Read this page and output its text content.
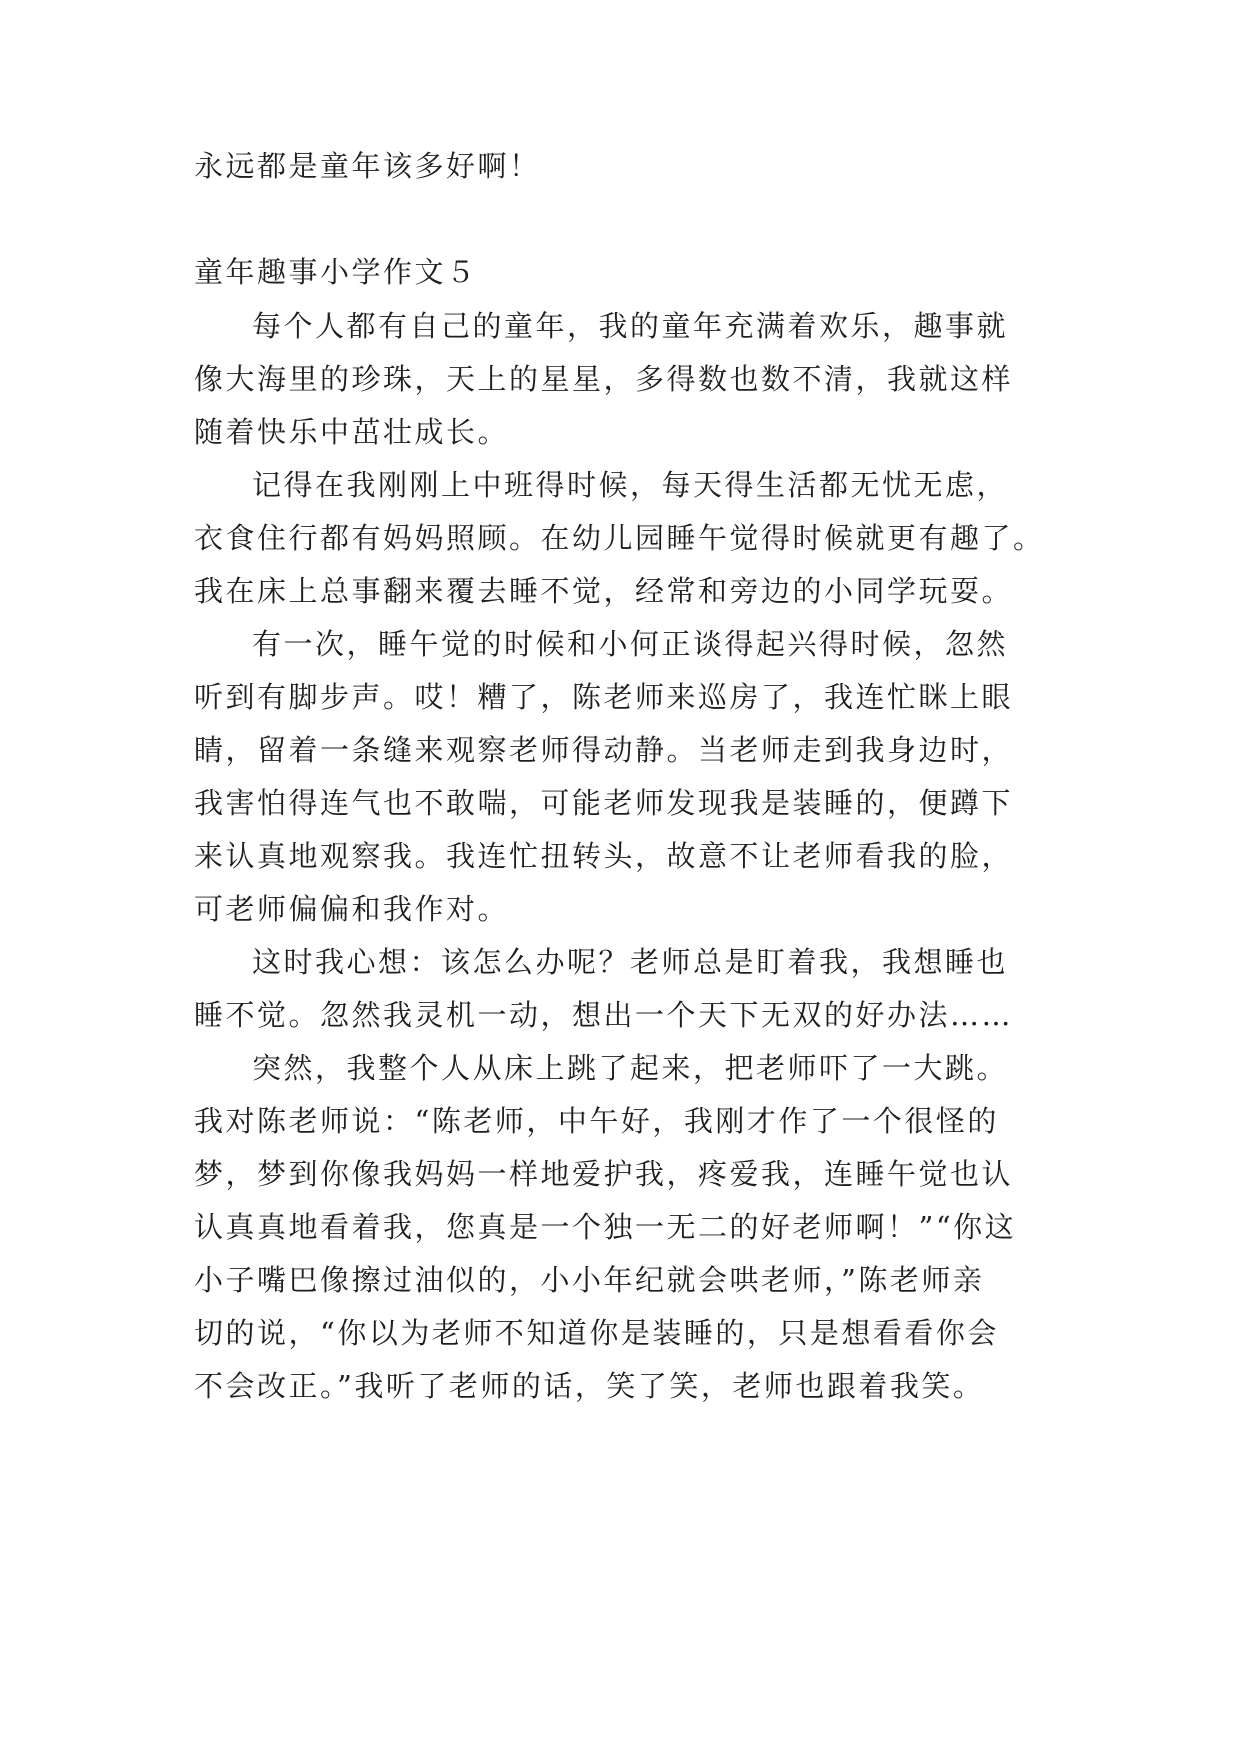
永远都是童年该多好啊！
童年趣事小学作文５
每个人都有自己的童年，我的童年充满着欢乐，趣事就
像大海里的珍珠，天上的星星，多得数也数不清，我就这样
随着快乐中茁壮成长。
记得在我刚刚上中班得时候，每天得生活都无忧无虑，
衣食住行都有妈妈照顾。在幼儿园睡午觉得时候就更有趣了。
我在床上总事翻来覆去睡不觉，经常和旁边的小同学玩耍。
有一次，睡午觉的时候和小何正谈得起兴得时候，忽然
听到有脚步声。哎！糟了，陈老师来巡房了，我连忙眯上眼
睛，留着一条缝来观察老师得动静。当老师走到我身边时，
我害怕得连气也不敢喘，可能老师发现我是装睡的，便蹲下
来认真地观察我。我连忙扭转头，故意不让老师看我的脸，
可老师偏偏和我作对。
这时我心想：该怎么办呢？老师总是盯着我，我想睡也
睡不觉。忽然我灵机一动，想出一个天下无双的好办法……
突然，我整个人从床上跳了起来，把老师吓了一大跳。
我对陈老师说：“陈老师，中午好，我刚才作了一个很怪的
梦，梦到你像我妈妈一样地爱护我，疼爱我，连睡午觉也认
认真真地看着我，您真是一个独一无二的好老师啊！”“你这
小子嘴巴像擦过油似的，小小年纪就会哄老师，”陈老师亲
切的说，“你以为老师不知道你是装睡的，只是想看看你会
不会改正。”我听了老师的话，笑了笑，老师也跟着我笑。
